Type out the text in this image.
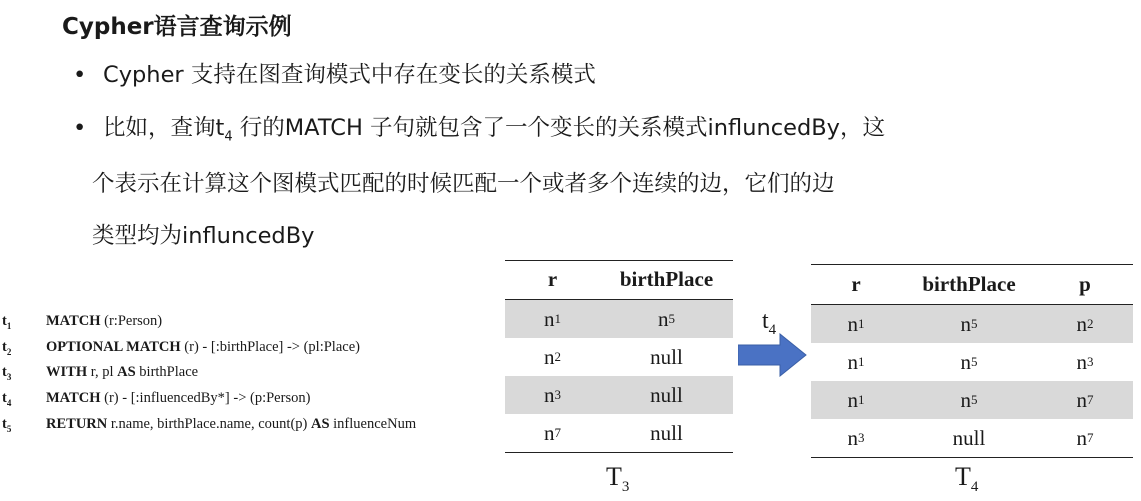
Cypher语言查询示例
• Cypher 支持在图查询模式中存在变长的关系模式
• 比如，查询$t_4$ 行的MATCH 子句就包含了一个变长的关系模式influncedBy，这
个表示在计算这个图模式匹配的时候匹配一个或者多个连续的边，它们的边
类型均为influncedBy
$t_1$ MATCH (r:Person)
$t_2$ OPTIONAL MATCH (r) - [:birthPlace] -> (pl:Place)
$t_3$ WITH r, pl AS birthPlace
$t_4$ MATCH (r) - [:influencedBy*] -> (p:Person)
$t_5$ RETURN r.name, birthPlace.name, count(p) AS influenceNum
r	birthPlace
n 1	n 5
n 2	null
n 3	null
n 7	null
$T_3$
$t_4$
r	birthPlace	p
n 1	n 5	n 2
n 1	n 5	n 3
n 1	n 5	n 7
n 3	null	n 7
$T_4$
